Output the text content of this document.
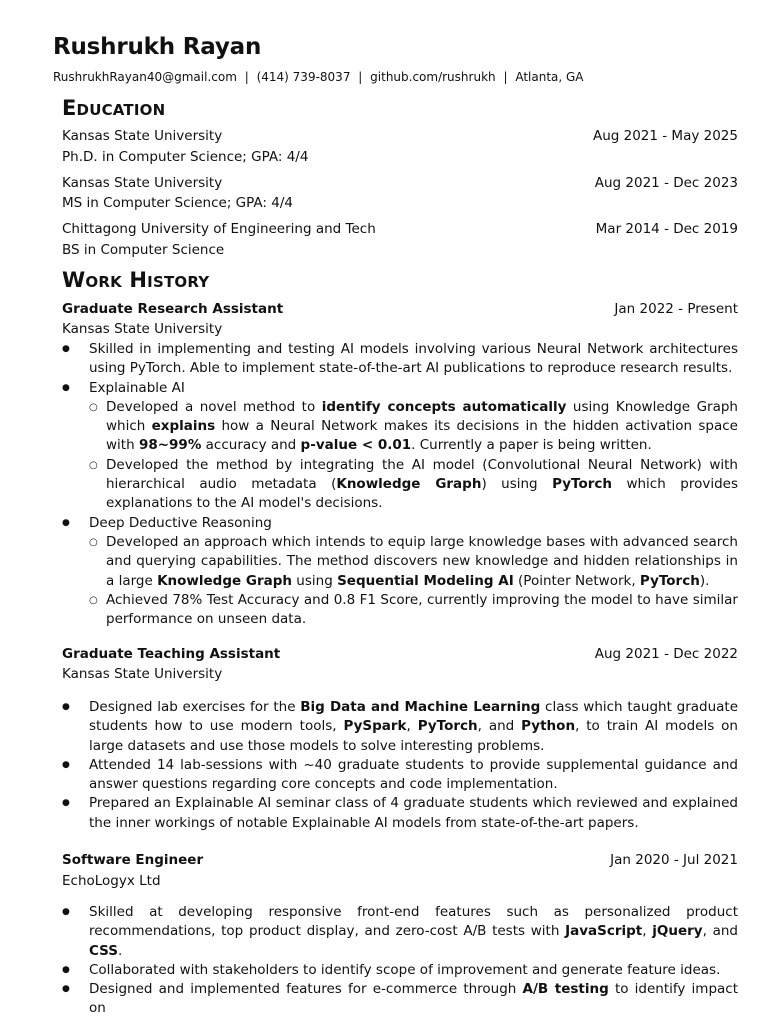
Rushrukh Rayan
RushrukhRayan40@gmail.com | (414) 739-8037 | github.com/rushrukh | Atlanta, GA
Education
Kansas State University	Aug 2021 - May 2025
Ph.D. in Computer Science; GPA: 4/4
Kansas State University	Aug 2021 - Dec 2023
MS in Computer Science; GPA: 4/4
Chittagong University of Engineering and Tech	Mar 2014 - Dec 2019
BS in Computer Science
Work History
Graduate Research Assistant	Jan 2022 - Present
Kansas State University
● Skilled in implementing and testing AI models involving various Neural Network architectures using PyTorch. Able to implement state-of-the-art AI publications to reproduce research results.
● Explainable AI
○ Developed a novel method to identify concepts automatically using Knowledge Graph which explains how a Neural Network makes its decisions in the hidden activation space with 98~99% accuracy and p-value < 0.01. Currently a paper is being written.
○ Developed the method by integrating the AI model (Convolutional Neural Network) with hierarchical audio metadata (Knowledge Graph) using PyTorch which provides explanations to the AI model's decisions.
● Deep Deductive Reasoning
○ Developed an approach which intends to equip large knowledge bases with advanced search and querying capabilities. The method discovers new knowledge and hidden relationships in a large Knowledge Graph using Sequential Modeling AI (Pointer Network, PyTorch).
○ Achieved 78% Test Accuracy and 0.8 F1 Score, currently improving the model to have similar performance on unseen data.
Graduate Teaching Assistant	Aug 2021 - Dec 2022
Kansas State University
● Designed lab exercises for the Big Data and Machine Learning class which taught graduate students how to use modern tools, PySpark, PyTorch, and Python, to train AI models on large datasets and use those models to solve interesting problems.
● Attended 14 lab-sessions with ~40 graduate students to provide supplemental guidance and answer questions regarding core concepts and code implementation.
● Prepared an Explainable AI seminar class of 4 graduate students which reviewed and explained the inner workings of notable Explainable AI models from state-of-the-art papers.
Software Engineer	Jan 2020 - Jul 2021
EchoLogyx Ltd
● Skilled at developing responsive front-end features such as personalized product recommendations, top product display, and zero-cost A/B tests with JavaScript, jQuery, and CSS.
● Collaborated with stakeholders to identify scope of improvement and generate feature ideas.
● Designed and implemented features for e-commerce through A/B testing to identify impact on
